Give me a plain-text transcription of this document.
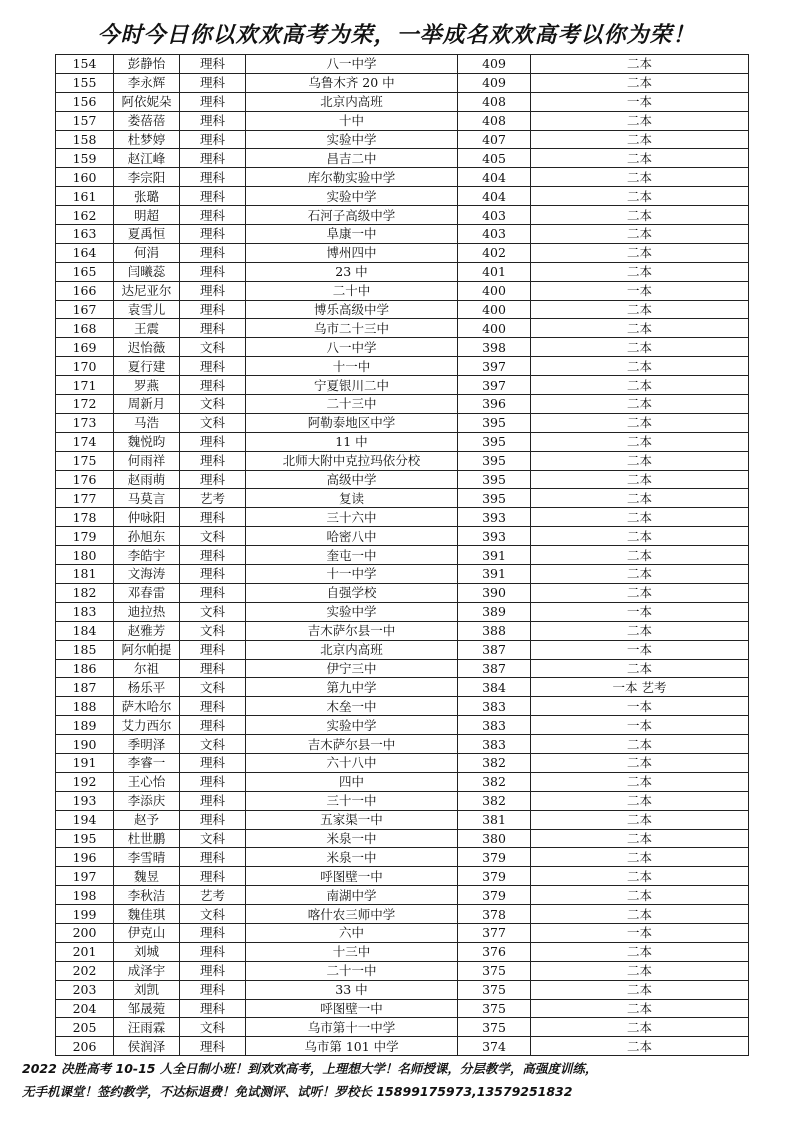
今时今日你以欢欢高考为荣，一举成名欢欢高考以你为荣！
154	彭静怡	理科	八一中学	409	二本
155	李永辉	理科	乌鲁木齐 20 中	409	二本
156	阿依妮朵	理科	北京内高班	408	一本
157	娄蓓蓓	理科	十中	408	二本
158	杜梦婷	理科	实验中学	407	二本
159	赵江峰	理科	昌吉二中	405	二本
160	李宗阳	理科	库尔勒实验中学	404	二本
161	张璐	理科	实验中学	404	二本
162	明超	理科	石河子高级中学	403	二本
163	夏禹恒	理科	阜康一中	403	二本
164	何涓	理科	博州四中	402	二本
165	闫曦蕊	理科	23 中	401	二本
166	达尼亚尔	理科	二十中	400	一本
167	袁雪儿	理科	博乐高级中学	400	二本
168	王震	理科	乌市二十三中	400	二本
169	迟怡薇	文科	八一中学	398	二本
170	夏行建	理科	十一中	397	二本
171	罗燕	理科	宁夏银川二中	397	二本
172	周新月	文科	二十三中	396	二本
173	马浩	文科	阿勒泰地区中学	395	二本
174	魏悦昀	理科	11 中	395	二本
175	何雨祥	理科	北师大附中克拉玛依分校	395	二本
176	赵雨萌	理科	高级中学	395	二本
177	马莫言	艺考	复读	395	二本
178	仲咏阳	理科	三十六中	393	二本
179	孙旭东	文科	哈密八中	393	二本
180	李皓宇	理科	奎屯一中	391	二本
181	文海涛	理科	十一中学	391	二本
182	邓春雷	理科	自强学校	390	二本
183	迪拉热	文科	实验中学	389	一本
184	赵雅芳	文科	吉木萨尔县一中	388	二本
185	阿尔帕提	理科	北京内高班	387	一本
186	尔祖	理科	伊宁三中	387	二本
187	杨乐平	文科	第九中学	384	一本 艺考
188	萨木哈尔	理科	木垒一中	383	一本
189	艾力西尔	理科	实验中学	383	一本
190	季明泽	文科	吉木萨尔县一中	383	二本
191	李睿一	理科	六十八中	382	二本
192	王心怡	理科	四中	382	二本
193	李添庆	理科	三十一中	382	二本
194	赵予	理科	五家渠一中	381	二本
195	杜世鹏	文科	米泉一中	380	二本
196	李雪晴	理科	米泉一中	379	二本
197	魏昱	理科	呼图壁一中	379	二本
198	李秋洁	艺考	南湖中学	379	二本
199	魏佳琪	文科	喀什农三师中学	378	二本
200	伊克山	理科	六中	377	一本
201	刘城	理科	十三中	376	二本
202	成泽宇	理科	二十一中	375	二本
203	刘凯	理科	33 中	375	二本
204	邹晟菀	理科	呼图壁一中	375	二本
205	汪雨霖	文科	乌市第十一中学	375	二本
206	侯润泽	理科	乌市第 101 中学	374	二本
2022 决胜高考 10-15 人全日制小班！到欢欢高考，上理想大学！名师授课，分层教学，高强度训练，
无手机课堂！签约教学，不达标退费！免试测评、试听！罗校长 15899175973,13579251832
